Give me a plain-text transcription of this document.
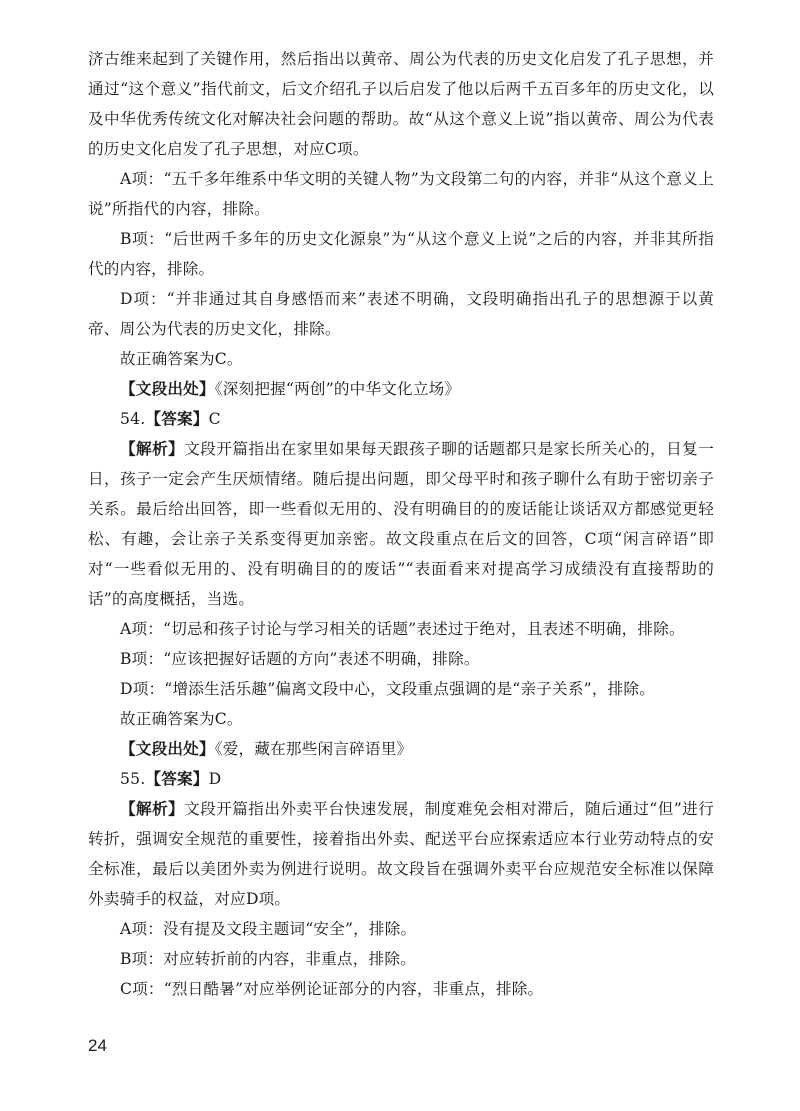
济古维来起到了关键作用，然后指出以黄帝、周公为代表的历史文化启发了孔子思想，并通过“这个意义”指代前文，后文介绍孔子以后启发了他以后两千五百多年的历史文化，以及中华优秀传统文化对解决社会问题的帮助。故“从这个意义上说”指以黄帝、周公为代表的历史文化启发了孔子思想，对应C项。

A项：“五千多年维系中华文明的关键人物”为文段第二句的内容，并非“从这个意义上说”所指代的内容，排除。

B项：“后世两千多年的历史文化源泉”为“从这个意义上说”之后的内容，并非其所指代的内容，排除。

D项：“并非通过其自身感悟而来”表述不明确，文段明确指出孔子的思想源于以黄帝、周公为代表的历史文化，排除。

故正确答案为C。

【文段出处】《深刻把握“两创”的中华文化立场》

54.【答案】C

【解析】文段开篇指出在家里如果每天跟孩子聊的话题都只是家长所关心的，日复一日，孩子一定会产生厌烦情绪。随后提出问题，即父母平时和孩子聊什么有助于密切亲子关系。最后给出回答，即一些看似无用的、没有明确目的的废话能让谈话双方都感觉更轻松、有趣，会让亲子关系变得更加亲密。故文段重点在后文的回答，C项“闲言碎语”即对“一些看似无用的、没有明确目的的废话”“表面看来对提高学习成绩没有直接帮助的话”的高度概括，当选。

A项：“切忌和孩子讨论与学习相关的话题”表述过于绝对，且表述不明确，排除。

B项：“应该把握好话题的方向”表述不明确，排除。

D项：“增添生活乐趣”偏离文段中心，文段重点强调的是“亲子关系”，排除。

故正确答案为C。

【文段出处】《爱，藏在那些闲言碎语里》

55.【答案】D

【解析】文段开篇指出外卖平台快速发展，制度难免会相对滞后，随后通过“但”进行转折，强调安全规范的重要性，接着指出外卖、配送平台应探索适应本行业劳动特点的安全标准，最后以美团外卖为例进行说明。故文段旨在强调外卖平台应规范安全标准以保障外卖骑手的权益，对应D项。

A项：没有提及文段主题词“安全”，排除。

B项：对应转折前的内容，非重点，排除。

C项：“烈日酷暑”对应举例论证部分的内容，非重点，排除。

24
